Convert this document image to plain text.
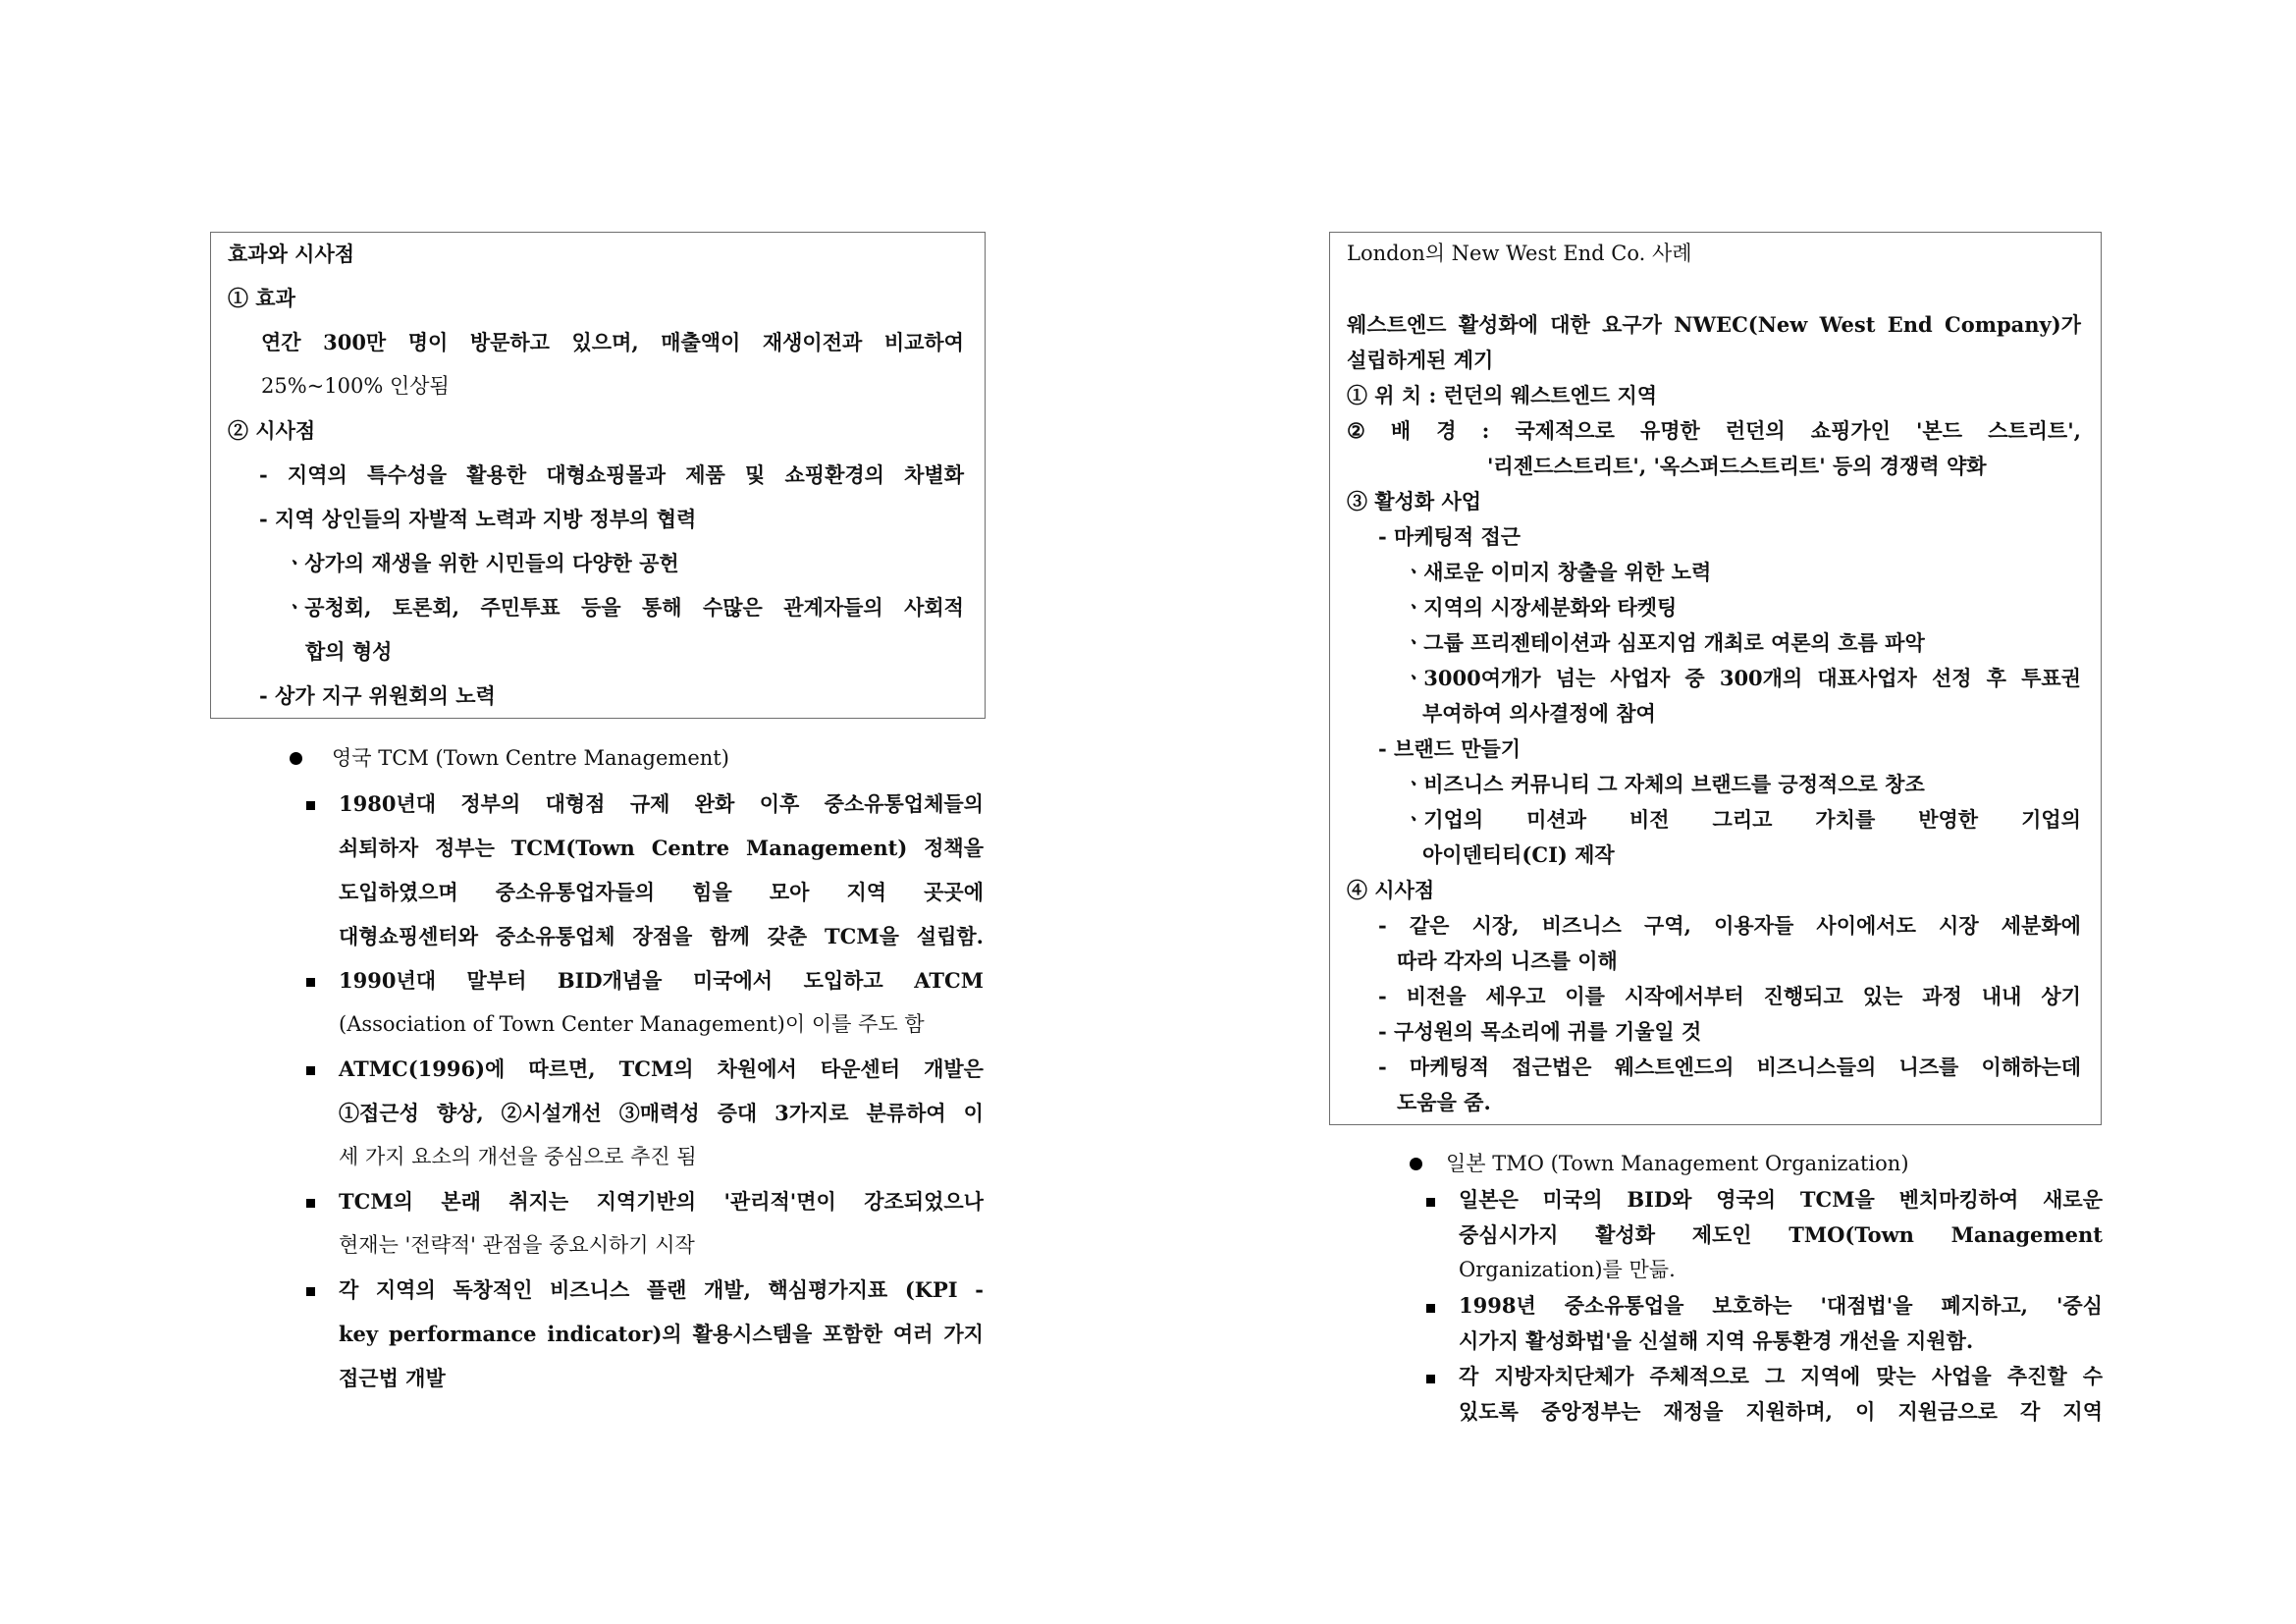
효과와 시사점
① 효과
연간 300만 명이 방문하고 있으며, 매출액이 재생이전과 비교하여
25%~100% 인상됨
② 시사점
- 지역의 특수성을 활용한 대형쇼핑몰과 제품 및 쇼핑환경의 차별화
- 지역 상인들의 자발적 노력과 지방 정부의 협력
ㆍ상가의 재생을 위한 시민들의 다양한 공헌
ㆍ공청회, 토론회, 주민투표 등을 통해 수많은 관계자들의 사회적
합의 형성
- 상가 지구 위원회의 노력
영국 TCM (Town Centre Management)
1980년대 정부의 대형점 규제 완화 이후 중소유통업체들의
쇠퇴하자 정부는 TCM(Town Centre Management) 정책을
도입하였으며 중소유통업자들의 힘을 모아 지역 곳곳에
대형쇼핑센터와 중소유통업체 장점을 함께 갖춘 TCM을 설립함.
1990년대 말부터 BID개념을 미국에서 도입하고 ATCM
(Association of Town Center Management)이 이를 주도 함
ATMC(1996)에 따르면, TCM의 차원에서 타운센터 개발은
①접근성 향상, ②시설개선 ③매력성 증대 3가지로 분류하여 이
세 가지 요소의 개선을 중심으로 추진 됨
TCM의 본래 취지는 지역기반의 '관리적'면이 강조되었으나
현재는 '전략적' 관점을 중요시하기 시작
각 지역의 독창적인 비즈니스 플랜 개발, 핵심평가지표 (KPI -
key performance indicator)의 활용시스템을 포함한 여러 가지
접근법 개발
London의 New West End Co. 사례
웨스트엔드 활성화에 대한 요구가 NWEC(New West End Company)가
설립하게된 계기
① 위 치 : 런던의 웨스트엔드 지역
② 배 경 : 국제적으로 유명한 런던의 쇼핑가인 '본드 스트리트',
'리젠드스트리트', '옥스퍼드스트리트' 등의 경쟁력 약화
③ 활성화 사업
- 마케팅적 접근
ㆍ새로운 이미지 창출을 위한 노력
ㆍ지역의 시장세분화와 타켓팅
ㆍ그룹 프리젠테이션과 심포지엄 개최로 여론의 흐름 파악
ㆍ3000여개가 넘는 사업자 중 300개의 대표사업자 선정 후 투표권
부여하여 의사결정에 참여
- 브랜드 만들기
ㆍ비즈니스 커뮤니티 그 자체의 브랜드를 긍정적으로 창조
ㆍ기업의 미션과 비전 그리고 가치를 반영한 기업의
아이덴티티(CI) 제작
④ 시사점
- 같은 시장, 비즈니스 구역, 이용자들 사이에서도 시장 세분화에
따라 각자의 니즈를 이해
- 비전을 세우고 이를 시작에서부터 진행되고 있는 과정 내내 상기
- 구성원의 목소리에 귀를 기울일 것
- 마케팅적 접근법은 웨스트엔드의 비즈니스들의 니즈를 이해하는데
도움을 줌.
일본 TMO (Town Management Organization)
일본은 미국의 BID와 영국의 TCM을 벤치마킹하여 새로운
중심시가지 활성화 제도인 TMO(Town Management
Organization)를 만듦.
1998년 중소유통업을 보호하는 '대점법'을 폐지하고, '중심
시가지 활성화법'을 신설해 지역 유통환경 개선을 지원함.
각 지방자치단체가 주체적으로 그 지역에 맞는 사업을 추진할 수
있도록 중앙정부는 재정을 지원하며, 이 지원금으로 각 지역
